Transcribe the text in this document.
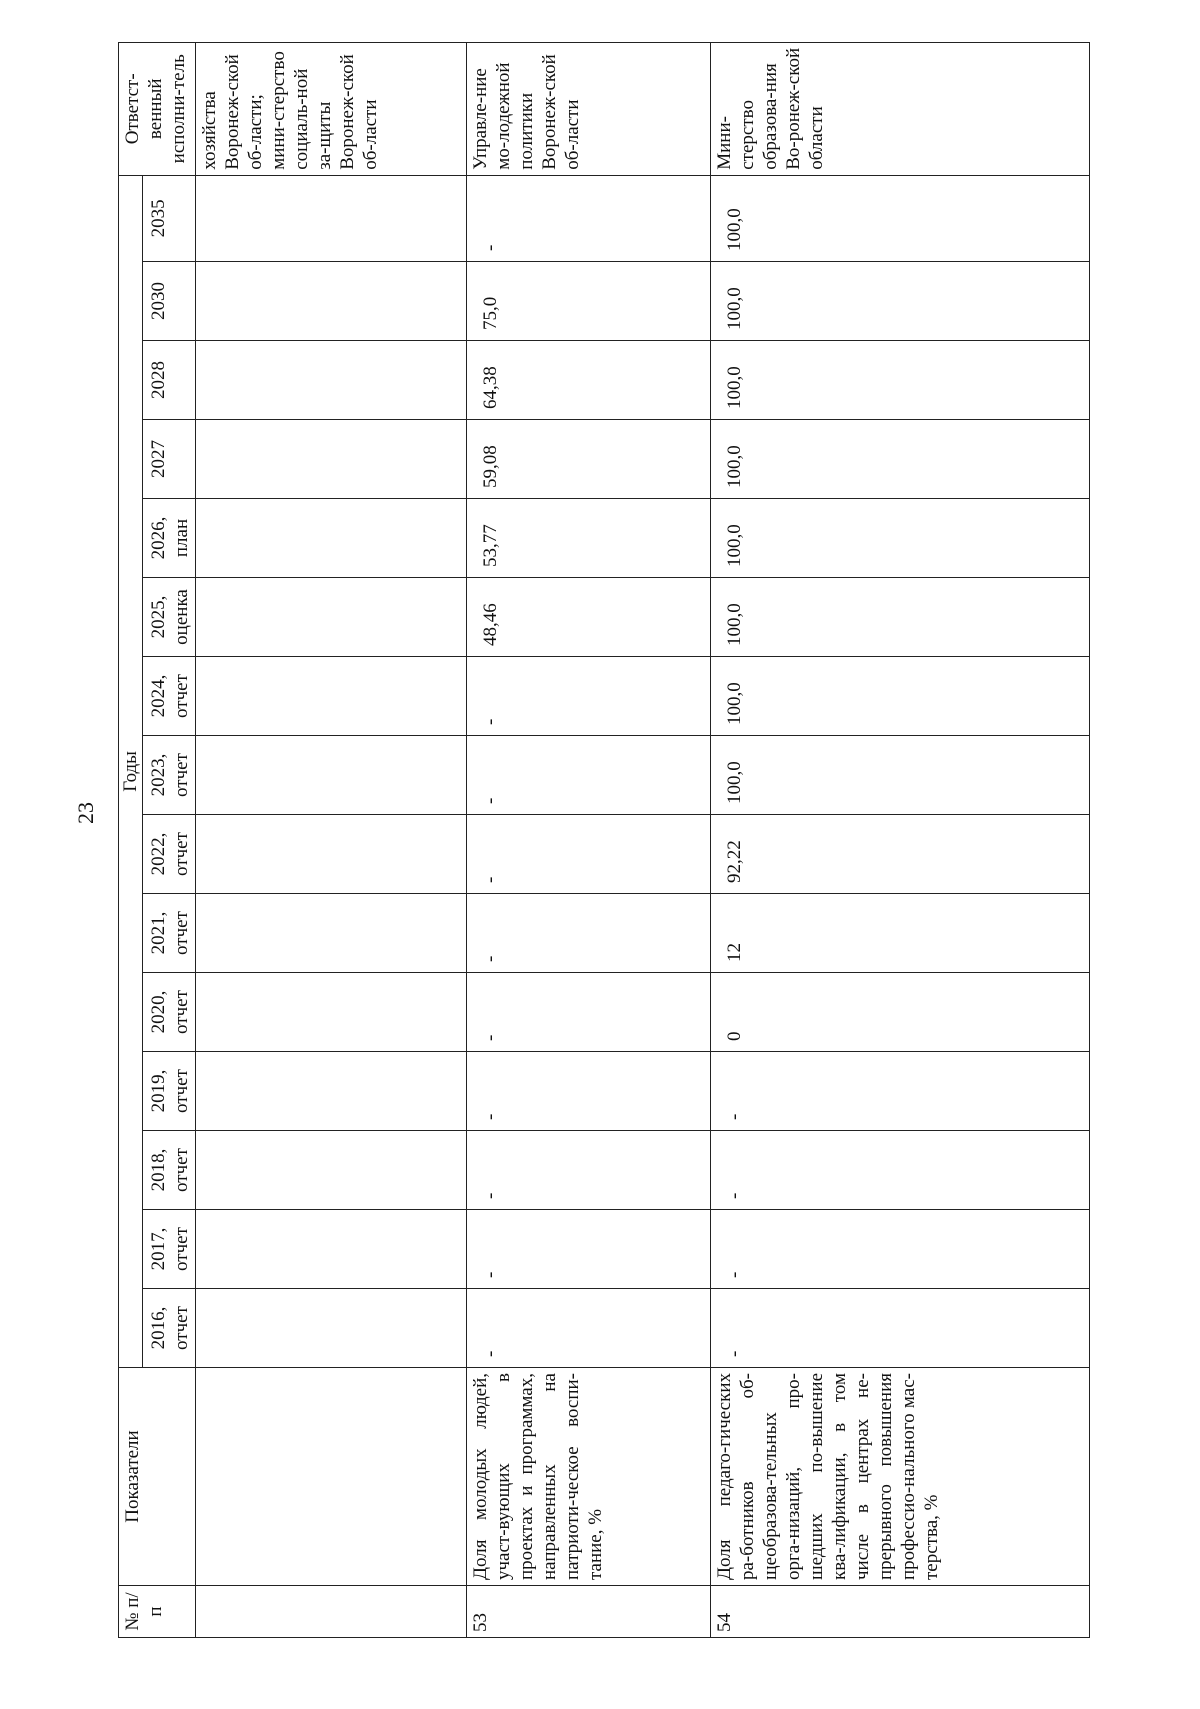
23
№ п/п	Показатели	Годы															Ответст-венный исполни-тель
		2016, отчет	2017, отчет	2018, отчет	2019, отчет	2020, отчет	2021, отчет	2022, отчет	2023, отчет	2024, отчет	2025, оценка	2026, план	2027	2028	2030	2035	
																	хозяйства Воронеж-ской об-ласти; мини-стерство социаль-ной за-щиты Воронеж-ской об-ласти
53	Доля молодых людей, участ-вующих в проектах и программах, направленных на патриоти-ческое воспи-тание, %	-	-	-	-	-	-	-	-	-	48,46	53,77	59,08	64,38	75,0	-	Управле-ние мо-лодежной политики Воронеж-ской об-ласти
54	Доля педаго-гических ра-ботников об-щеобразова-тельных орга-низаций, про-шедших по-вышение ква-лификации, в том числе в центрах не-прерывного повышения профессио-нального мас-терства, %	-	-	-	-	0	12	92,22	100,0	100,0	100,0	100,0	100,0	100,0	100,0	100,0	Мини-стерство образова-ния Во-ронеж-ской области
